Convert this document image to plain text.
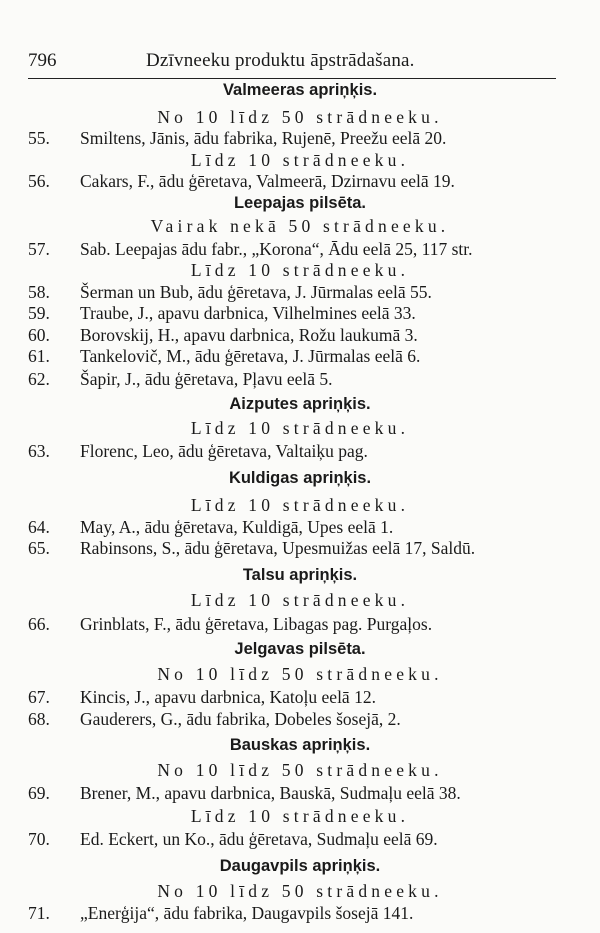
796	Dzīvneeku produktu āpstrādašana.
Valmeeras apriņķis.
No 10 līdz 50 strādneeku.
55. Smiltens, Jānis, ādu fabrika, Rujenē, Preežu eelā 20.
Līdz 10 strādneeku.
56. Cakars, F., ādu ģēretava, Valmeerā, Dzirnavu eelā 19.
Leepajas pilsēta.
Vairak nekā 50 strādneeku.
57. Sab. Leepajas ādu fabr., „Korona“, Ādu eelā 25, 117 str.
Līdz 10 strādneeku.
58. Šerman un Bub, ādu ģēretava, J. Jūrmalas eelā 55.
59. Traube, J., apavu darbnica, Vilhelmines eelā 33.
60. Borovskij, H., apavu darbnica, Rožu laukumā 3.
61. Tankelovič, M., ādu ģēretava, J. Jūrmalas eelā 6.
62. Šapir, J., ādu ģēretava, Pļavu eelā 5.
Aizputes apriņķis.
Līdz 10 strādneeku.
63. Florenc, Leo, ādu ģēretava, Valtaiķu pag.
Kuldigas apriņķis.
Līdz 10 strādneeku.
64. May, A., ādu ģēretava, Kuldigā, Upes eelā 1.
65. Rabinsons, S., ādu ģēretava, Upesmuižas eelā 17, Saldū.
Talsu apriņķis.
Līdz 10 strādneeku.
66. Grinblats, F., ādu ģēretava, Libagas pag. Purgaļos.
Jelgavas pilsēta.
No 10 līdz 50 strādneeku.
67. Kincis, J., apavu darbnica, Katoļu eelā 12.
68. Gauderers, G., ādu fabrika, Dobeles šosejā, 2.
Bauskas apriņķis.
No 10 līdz 50 strādneeku.
69. Brener, M., apavu darbnica, Bauskā, Sudmaļu eelā 38.
Līdz 10 strādneeku.
70. Ed. Eckert, un Ko., ādu ģēretava, Sudmaļu eelā 69.
Daugavpils apriņķis.
No 10 līdz 50 strādneeku.
71. „Enerģija“, ādu fabrika, Daugavpils šosejā 141.
